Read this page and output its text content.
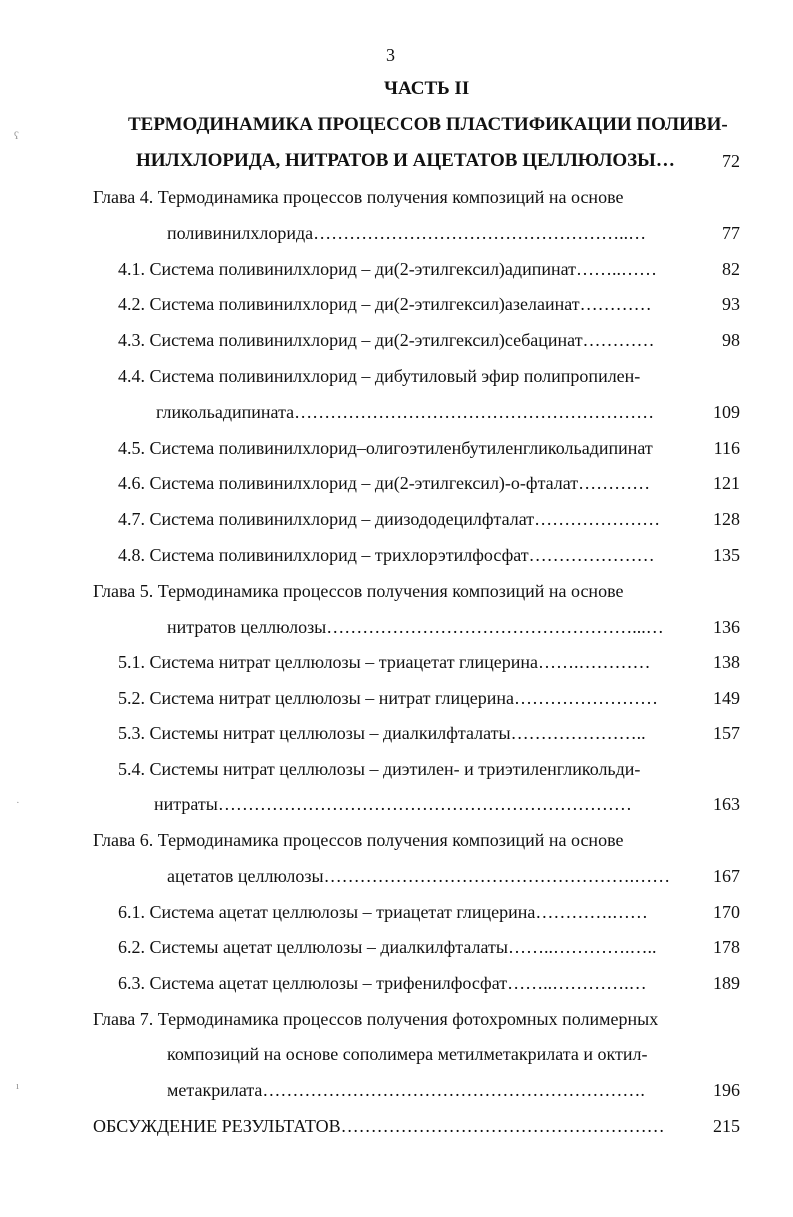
3
ЧАСТЬ II
ТЕРМОДИНАМИКА ПРОЦЕССОВ ПЛАСТИФИКАЦИИ ПОЛИВИ-
НИЛХЛОРИДА, НИТРАТОВ И АЦЕТАТОВ ЦЕЛЛЮЛОЗЫ…	72
Глава 4. Термодинамика процессов получения композиций на основе
поливинилхлорида……………………………………………..…	77
4.1. Система поливинилхлорид – ди(2-этилгексил)адипинат……..……	82
4.2. Система поливинилхлорид – ди(2-этилгексил)азелаинат…………	93
4.3. Система поливинилхлорид – ди(2-этилгексил)себацинат…………	98
4.4. Система поливинилхлорид – дибутиловый эфир полипропилен-
гликольадипината……………………………………………………	109
4.5. Система поливинилхлорид–олигоэтиленбутиленгликольадипинат	116
4.6. Система поливинилхлорид – ди(2-этилгексил)-о-фталат…………	121
4.7. Система поливинилхлорид – диизододецилфталат…………………	128
4.8. Система поливинилхлорид – трихлорэтилфосфат…………………	135
Глава 5. Термодинамика процессов получения композиций на основе
нитратов целлюлозы……………………………………………...…	136
5.1. Система нитрат целлюлозы – триацетат глицерина…….…………	138
5.2. Система нитрат целлюлозы – нитрат глицерина……………………	149
5.3. Системы нитрат целлюлозы – диалкилфталаты…………………..	157
5.4. Системы нитрат целлюлозы – диэтилен- и триэтиленгликольди-
нитраты……………………………………………………………	163
Глава 6. Термодинамика процессов получения композиций на основе
ацетатов целлюлозы…………………………………………….……	167
6.1. Система ацетат целлюлозы – триацетат глицерина………….……	170
6.2. Системы ацетат целлюлозы – диалкилфталаты……..………….…..	178
6.3. Система ацетат целлюлозы – трифенилфосфат……..………….…	189
Глава 7. Термодинамика процессов получения фотохромных полимерных
композиций на основе сополимера метилметакрилата и октил-
метакрилата……………………………………………………….	196
ОБСУЖДЕНИЕ РЕЗУЛЬТАТОВ………………………………………………	215
ʕ
·
ı
